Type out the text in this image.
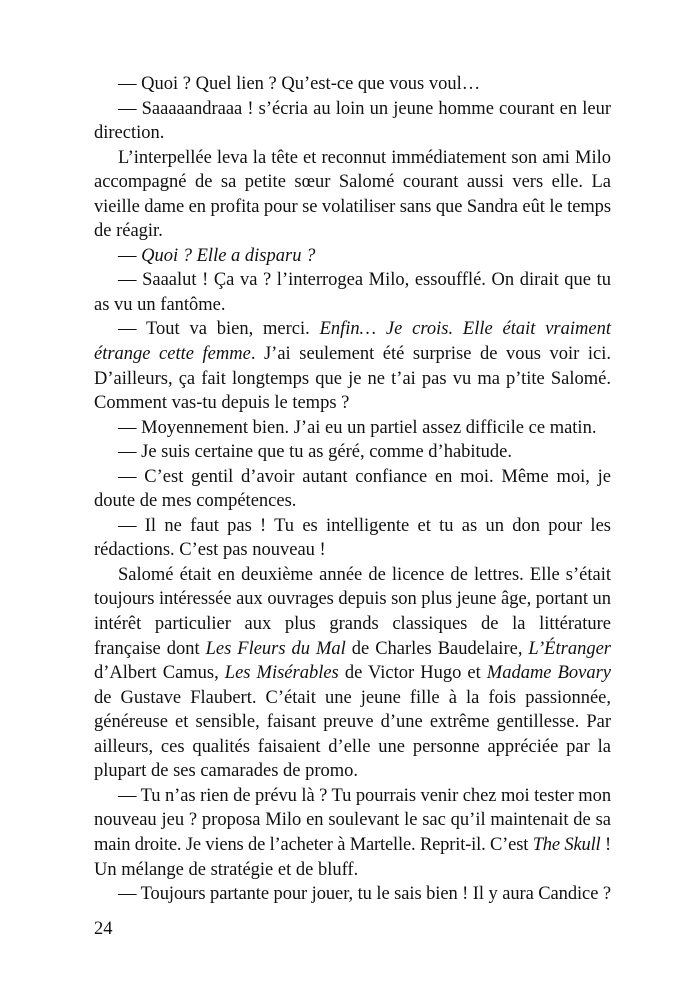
— Quoi ? Quel lien ? Qu’est-ce que vous voul…
— Saaaaandraaa ! s’écria au loin un jeune homme courant en leur
direction.
L’interpellée leva la tête et reconnut immédiatement son ami Milo
accompagné de sa petite sœur Salomé courant aussi vers elle. La
vieille dame en profita pour se volatiliser sans que Sandra eût le temps
de réagir.
— Quoi ? Elle a disparu ?
— Saaalut ! Ça va ? l’interrogea Milo, essoufflé. On dirait que tu
as vu un fantôme.
— Tout va bien, merci. Enfin… Je crois. Elle était vraiment
étrange cette femme. J’ai seulement été surprise de vous voir ici.
D’ailleurs, ça fait longtemps que je ne t’ai pas vu ma p’tite Salomé.
Comment vas-tu depuis le temps ?
— Moyennement bien. J’ai eu un partiel assez difficile ce matin.
— Je suis certaine que tu as géré, comme d’habitude.
— C’est gentil d’avoir autant confiance en moi. Même moi, je
doute de mes compétences.
— Il ne faut pas ! Tu es intelligente et tu as un don pour les
rédactions. C’est pas nouveau !
Salomé était en deuxième année de licence de lettres. Elle s’était
toujours intéressée aux ouvrages depuis son plus jeune âge, portant un
intérêt particulier aux plus grands classiques de la littérature
française dont Les Fleurs du Mal de Charles Baudelaire, L’Étranger
d’Albert Camus, Les Misérables de Victor Hugo et Madame Bovary
de Gustave Flaubert. C’était une jeune fille à la fois passionnée,
généreuse et sensible, faisant preuve d’une extrême gentillesse. Par
ailleurs, ces qualités faisaient d’elle une personne appréciée par la
plupart de ses camarades de promo.
— Tu n’as rien de prévu là ? Tu pourrais venir chez moi tester mon
nouveau jeu ? proposa Milo en soulevant le sac qu’il maintenait de sa
main droite. Je viens de l’acheter à Martelle. Reprit-il. C’est The Skull !
Un mélange de stratégie et de bluff.
— Toujours partante pour jouer, tu le sais bien ! Il y aura Candice ?
24
